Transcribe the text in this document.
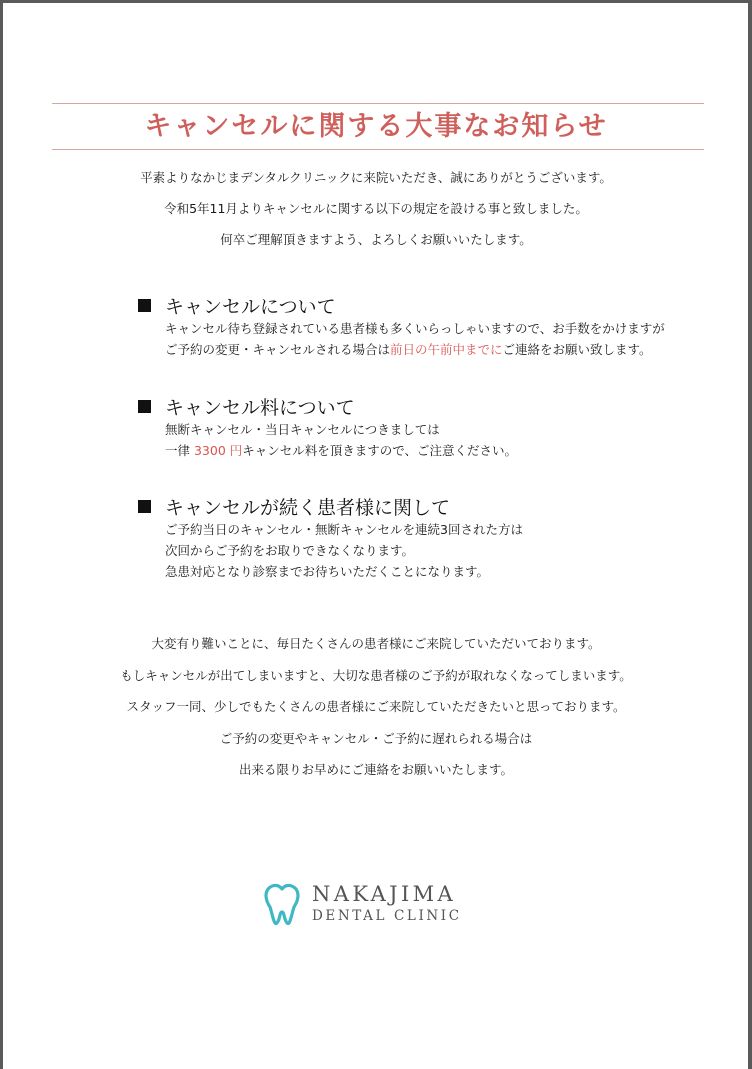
キャンセルに関する大事なお知らせ
平素よりなかじまデンタルクリニックに来院いただき、誠にありがとうございます。
令和5年11月よりキャンセルに関する以下の規定を設ける事と致しました。
何卒ご理解頂きますよう、よろしくお願いいたします。
キャンセルについて
キャンセル待ち登録されている患者様も多くいらっしゃいますので、お手数をかけますが
ご予約の変更・キャンセルされる場合は前日の午前中までにご連絡をお願い致します。
キャンセル料について
無断キャンセル・当日キャンセルにつきましては
一律 3300 円キャンセル料を頂きますので、ご注意ください。
キャンセルが続く患者様に関して
ご予約当日のキャンセル・無断キャンセルを連続3回された方は
次回からご予約をお取りできなくなります。
急患対応となり診察までお待ちいただくことになります。
大変有り難いことに、毎日たくさんの患者様にご来院していただいております。
もしキャンセルが出てしまいますと、大切な患者様のご予約が取れなくなってしまいます。
スタッフ一同、少しでもたくさんの患者様にご来院していただきたいと思っております。
ご予約の変更やキャンセル・ご予約に遅れられる場合は
出来る限りお早めにご連絡をお願いいたします。
NAKAJIMA
DENTAL CLINIC
